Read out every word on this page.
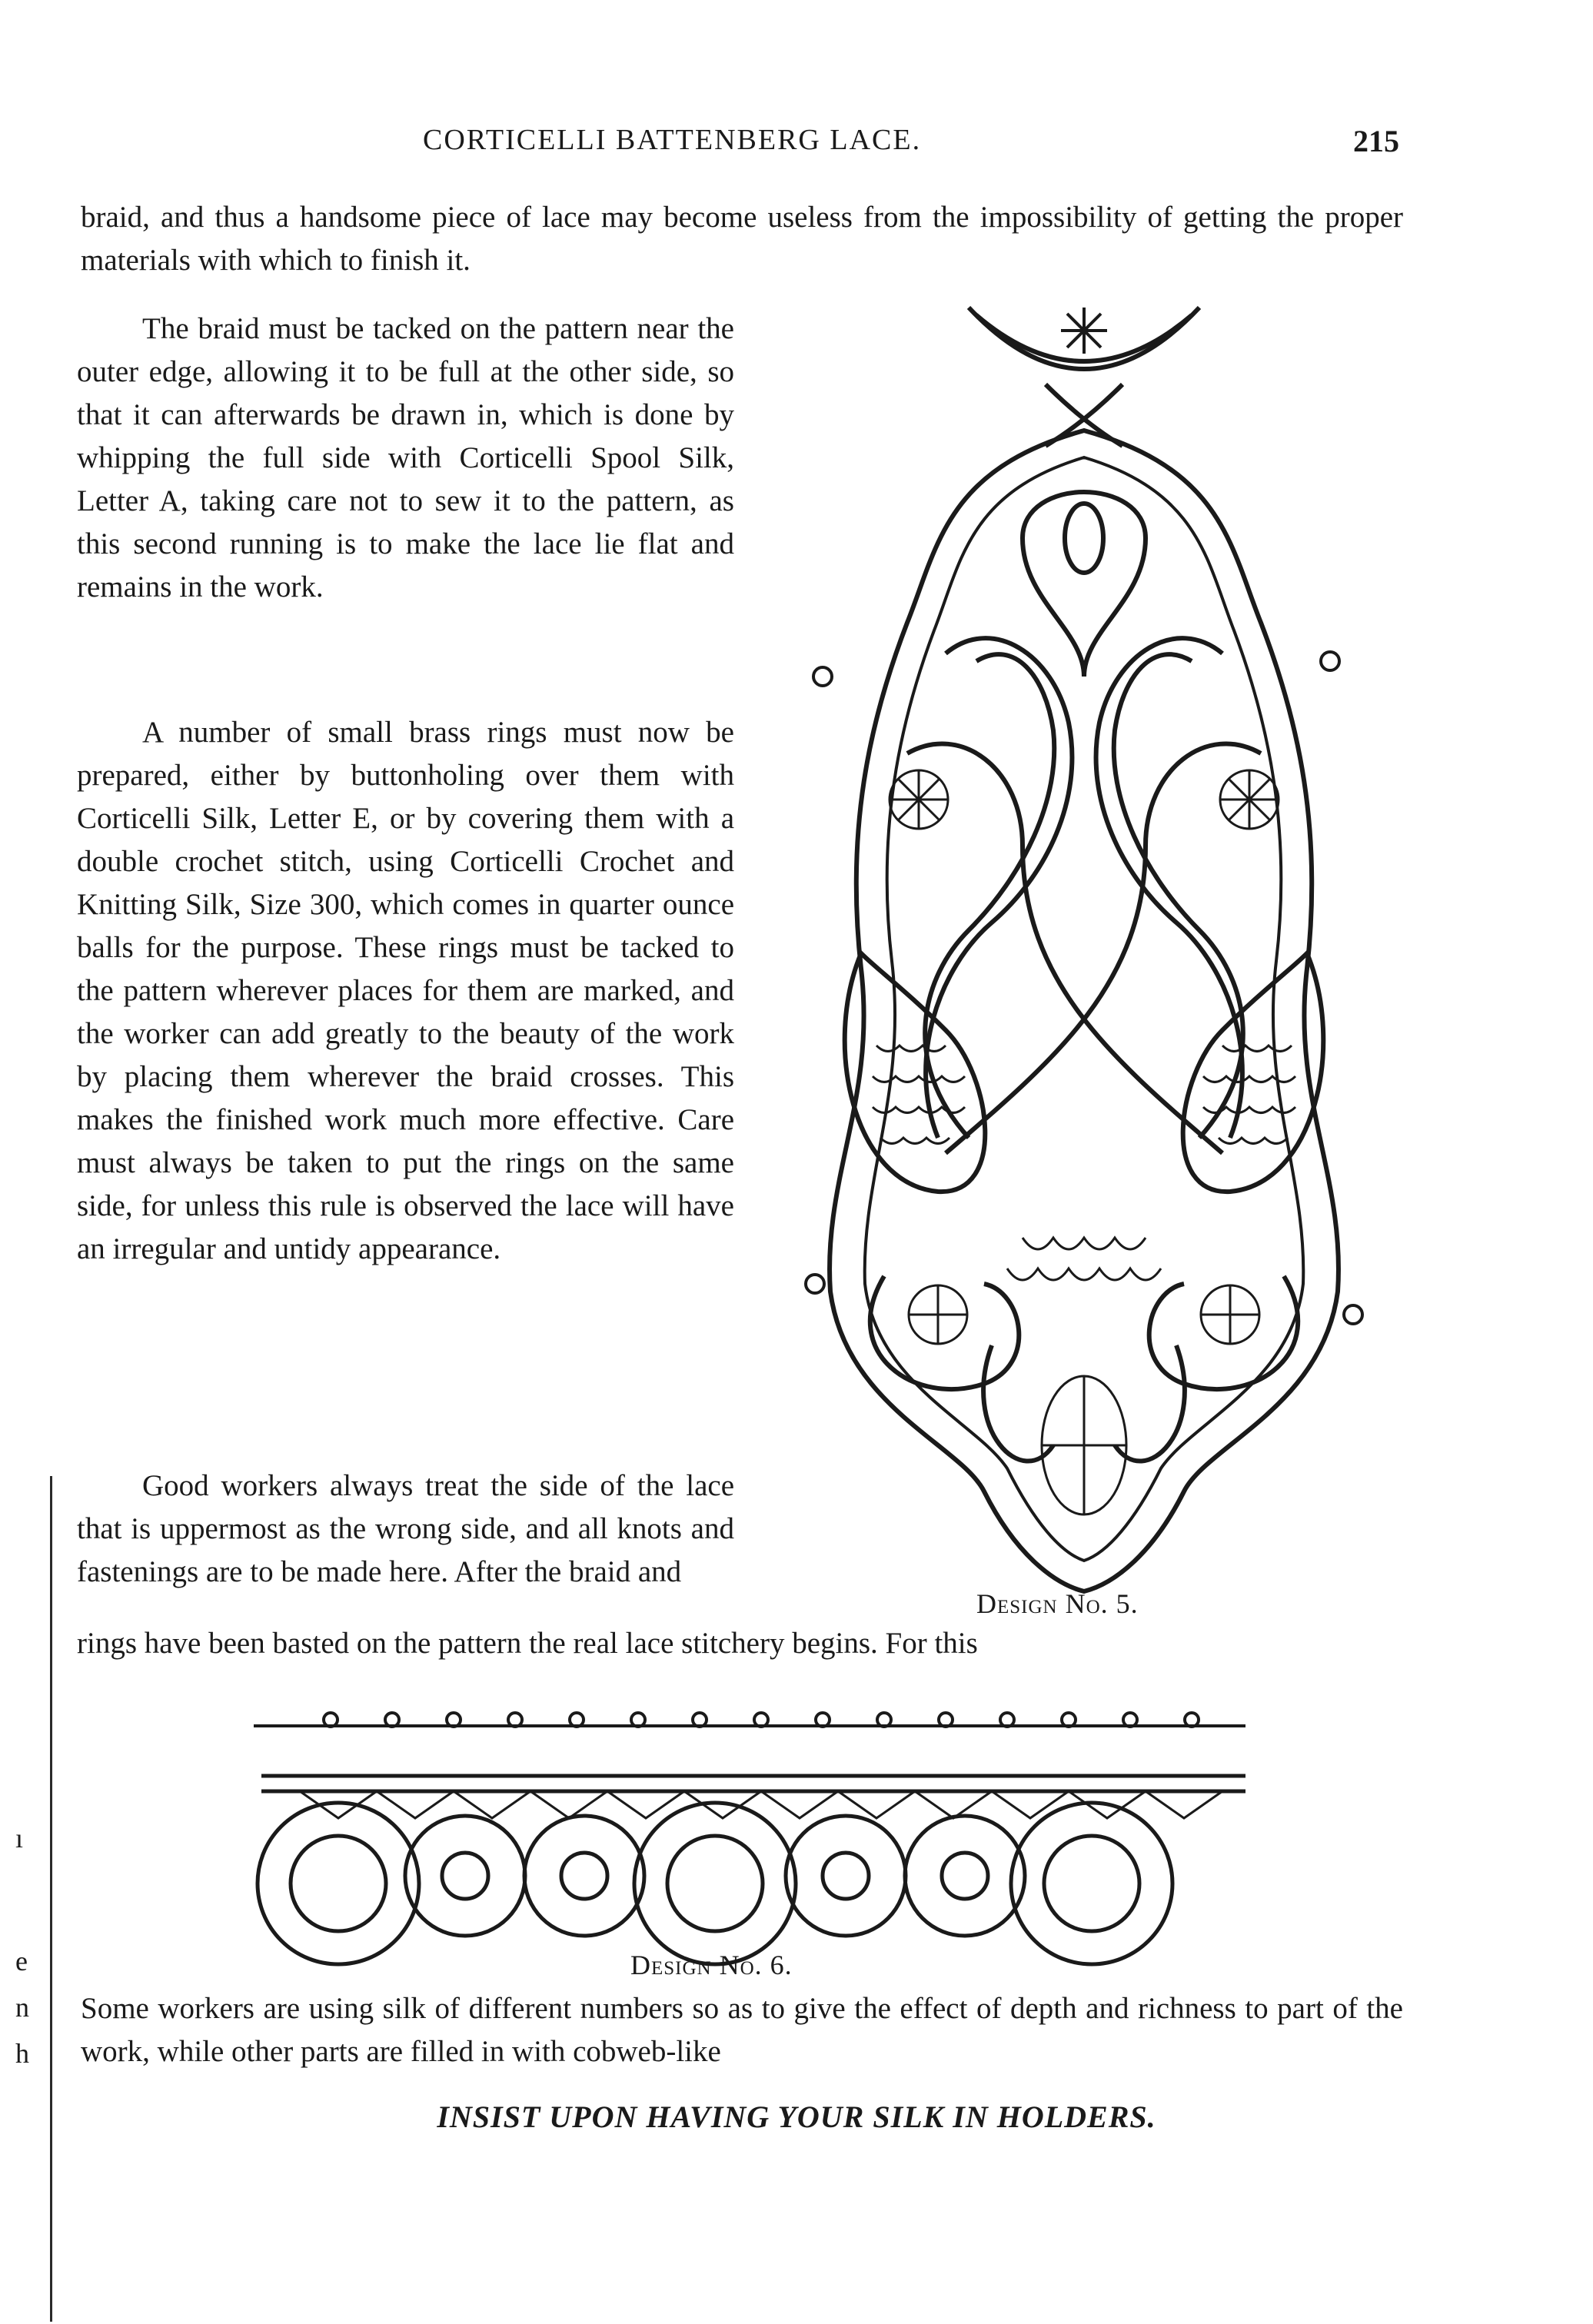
CORTICELLI BATTENBERG LACE.	215

braid, and thus a handsome piece of lace may become useless from the impossibility of getting the proper materials with which to finish it.

The braid must be tacked on the pattern near the outer edge, allowing it to be full at the other side, so that it can afterwards be drawn in, which is done by whipping the full side with Corticelli Spool Silk, Letter A, taking care not to sew it to the pattern, as this second running is to make the lace lie flat and remains in the work.

A number of small brass rings must now be prepared, either by buttonholing over them with Corticelli Silk, Letter E, or by covering them with a double crochet stitch, using Corticelli Crochet and Knitting Silk, Size 300, which comes in quarter ounce balls for the purpose. These rings must be tacked to the pattern wherever places for them are marked, and the worker can add greatly to the beauty of the work by placing them wherever the braid crosses. This makes the finished work much more effective. Care must always be taken to put the rings on the same side, for unless this rule is observed the lace will have an irregular and untidy appearance.

Good workers always treat the side of the lace that is uppermost as the wrong side, and all knots and fastenings are to be made here. After the braid and

rings have been basted on the pattern the real lace stitchery begins. For this

Design No. 5.
Design No. 6.

Some workers are using silk of different numbers so as to give the effect of depth and richness to part of the work, while other parts are filled in with cobweb-like

INSIST UPON HAVING YOUR SILK IN HOLDERS.
ı
e
n
h
